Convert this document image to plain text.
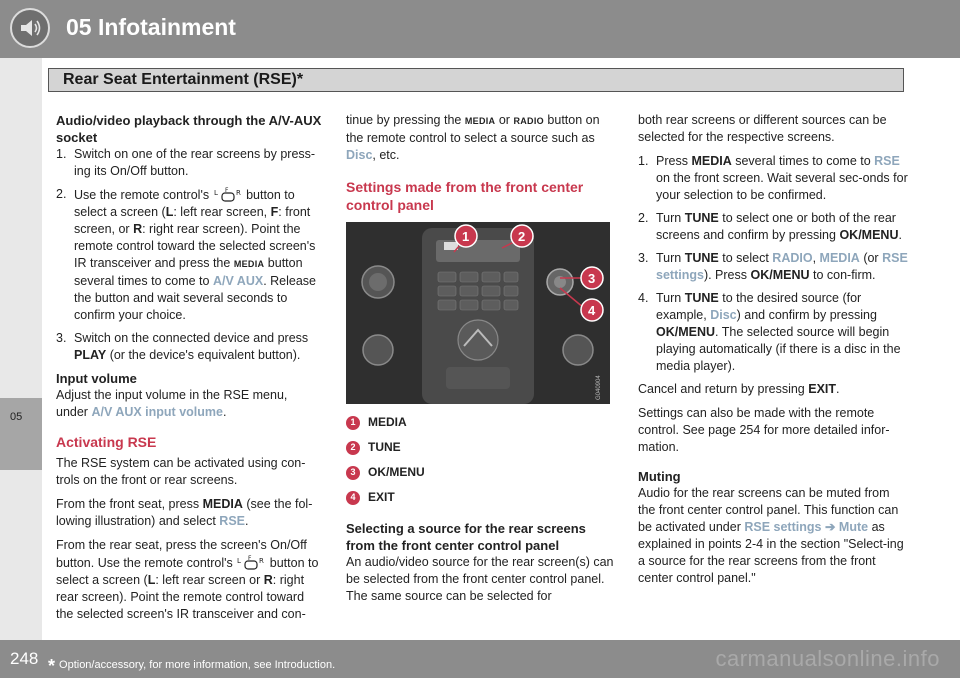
05 Infotainment
Rear Seat Entertainment (RSE)*
05
Audio/video playback through the A/V-AUX socket
1. Switch on one of the rear screens by press-ing its On/Off button.
2. Use the remote control's L F R button to select a screen (L: left rear screen, F: front screen, or R: right rear screen). Point the remote control toward the selected screen's IR transceiver and press the MEDIA button several times to come to A/V AUX. Release the button and wait several seconds to confirm your choice.
3. Switch on the connected device and press PLAY (or the device's equivalent button).
Input volume

Adjust the input volume in the RSE menu, under A/V AUX input volume.

Activating RSE

The RSE system can be activated using con-trols on the front or rear screens.

From the front seat, press MEDIA (see the fol-lowing illustration) and select RSE.

From the rear seat, press the screen's On/Off button. Use the remote control's L F R button to select a screen (L: left rear screen or R: right rear screen). Point the remote control toward the selected screen's IR transceiver and con-

tinue by pressing the MEDIA or RADIO button on the remote control to select a source such as Disc, etc.

Settings made from the front center control panel
1	2
3
4
G040904
1	MEDIA
2	TUNE
3	OK/MENU
4	EXIT
Selecting a source for the rear screens from the front center control panel

An audio/video source for the rear screen(s) can be selected from the front center control panel. The same source can be selected for

both rear screens or different sources can be selected for the respective screens.

1. Press MEDIA several times to come to RSE on the front screen. Wait several sec-onds for your selection to be confirmed.
2. Turn TUNE to select one or both of the rear screens and confirm by pressing OK/MENU.
3. Turn TUNE to select RADIO, MEDIA (or RSE settings). Press OK/MENU to con-firm.
4. Turn TUNE to the desired source (for example, Disc) and confirm by pressing OK/MENU. The selected source will begin playing automatically (if there is a disc in the media player).

Cancel and return by pressing EXIT.

Settings can also be made with the remote control. See page 254 for more detailed infor-mation.

Muting

Audio for the rear screens can be muted from the front center control panel. This function can be activated under RSE settings ➔ Mute as explained in points 2-4 in the section "Select-ing a source for the rear screens from the front center control panel."

248 * Option/accessory, for more information, see Introduction.	carmanualsonline.info
